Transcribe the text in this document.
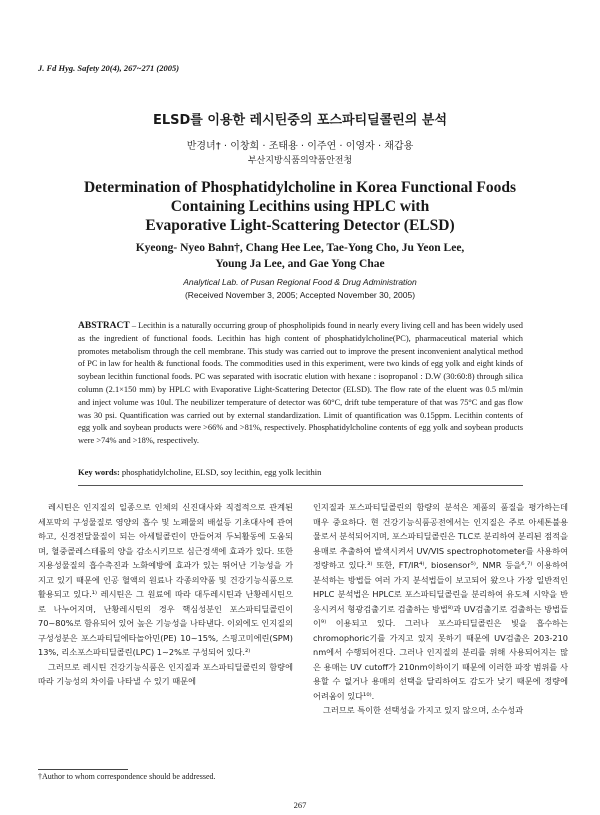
J. Fd Hyg. Safety 20(4), 267~271 (2005)
ELSD를 이용한 레시틴중의 포스파티딜콜린의 분석
반경녀† · 이창희 · 조태용 · 이주연 · 이영자 · 채갑용
부산지방식품의약품안전청
Determination of Phosphatidylcholine in Korea Functional Foods
Containing Lecithins using HPLC with
Evaporative Light-Scattering Detector (ELSD)
Kyeong- Nyeo Bahn†, Chang Hee Lee, Tae-Yong Cho, Ju Yeon Lee,
Young Ja Lee, and Gae Yong Chae
Analytical Lab. of Pusan Regional Food & Drug Administration
(Received November 3, 2005; Accepted November 30, 2005)
ABSTRACT – Lecithin is a naturally occurring group of phospholipids found in nearly every living cell and has been widely used as the ingredient of functional foods. Lecithin has high content of phosphatidylcholine(PC), pharmaceutical material which promotes metabolism through the cell membrane. This study was carried out to improve the present inconvenient analytical method of PC in law for health & functional foods. The commodities used in this experiment, were two kinds of egg yolk and eight kinds of soybean lecithin functional foods. PC was separated with isocratic elution with hexane : isopropanol : D.W (30:60:8) through silica column (2.1×150 mm) by HPLC with Evaporative Light-Scattering Detector (ELSD). The flow rate of the eluent was 0.5 ml/min and inject volume was 10ul. The neubilizer temperature of detector was 60°C, drift tube temperature of that was 75°C and gas flow was 30 psi. Quantification was carried out by external standardization. Limit of quantification was 0.15ppm. Lecithin contents of egg yolk and soybean products were >66% and >81%, respectively. Phosphatidylcholine contents of egg yolk and soybean products were >74% and >18%, respectively.
Key words: phosphatidylcholine, ELSD, soy lecithin, egg yolk lecithin

레시틴은 인지질의 일종으로 인체의 신진대사와 직접적으로 관계된 세포막의 구성물질로 영양의 흡수 및 노폐물의 배설등 기초대사에 관여하고, 신경전달물질이 되는 아세틸콜린이 만들어져 두뇌활동에 도움되며, 혈중콜레스테롤의 양을 감소시키므로 심근경색에 효과가 있다. 또한 지용성물질의 흡수촉진과 노화예방에 효과가 있는 뛰어난 기능성을 가지고 있기 때문에 인공 혈액의 원료나 각종의약품 및 건강기능식품으로 활용되고 있다.¹⁾ 레시틴은 그 원료에 따라 대두레시틴과 난황레시틴으로 나누어지며, 난황레시틴의 경우 핵심성분인 포스파티딜콜린이 70~80%로 함유되어 있어 높은 기능성을 나타낸다. 이외에도 인지질의 구성성분은 포스파티딜에타놀아민(PE) 10~15%, 스핑고미에린(SPM) 13%, 리소포스파티딜콜린(LPC) 1~2%로 구성되어 있다.²⁾

그러므로 레시틴 건강기능식품은 인지질과 포스파티딜콜린의 함량에 따라 기능성의 차이를 나타낼 수 있기 때문에

인지질과 포스파티딜콜린의 함량의 분석은 제품의 품질을 평가하는데 매우 중요하다. 현 건강기능식품공전에서는 인지질은 주로 아세톤불용물로서 분석되어지며, 포스파티딜콜린은 TLC로 분리하여 분리된 점적을 용매로 추출하여 발색시켜서 UV/VIS spectrophotometer를 사용하여 정량하고 있다.³⁾ 또한, FT/IR⁴⁾, biosensor⁵⁾, NMR 등을⁶,⁷⁾ 이용하여 분석하는 방법들 여러 가지 분석법들이 보고되어 왔으나 가장 일반적인 HPLC 분석법은 HPLC로 포스파티딜콜린을 분리하여 유도체 시약을 반응시켜서 형광검출기로 검출하는 방법⁸⁾과 UV검출기로 검출하는 방법들이⁹⁾ 이용되고 있다. 그러나 포스파티딜콜린은 빛을 흡수하는 chromophoric기를 가지고 있지 못하기 때문에 UV검출은 203-210 nm에서 수행되어진다. 그러나 인지질의 분리를 위해 사용되어지는 많은 용매는 UV cutoff가 210nm이하이기 때문에 이러한 파장 범위를 사용할 수 없거나 용매의 선택을 달리하여도 감도가 낮기 때문에 정량에 어려움이 있다¹⁰⁾.

그러므로 특이한 선택성을 가지고 있지 않으며, 소수성과

†Author to whom correspondence should be addressed.
267
